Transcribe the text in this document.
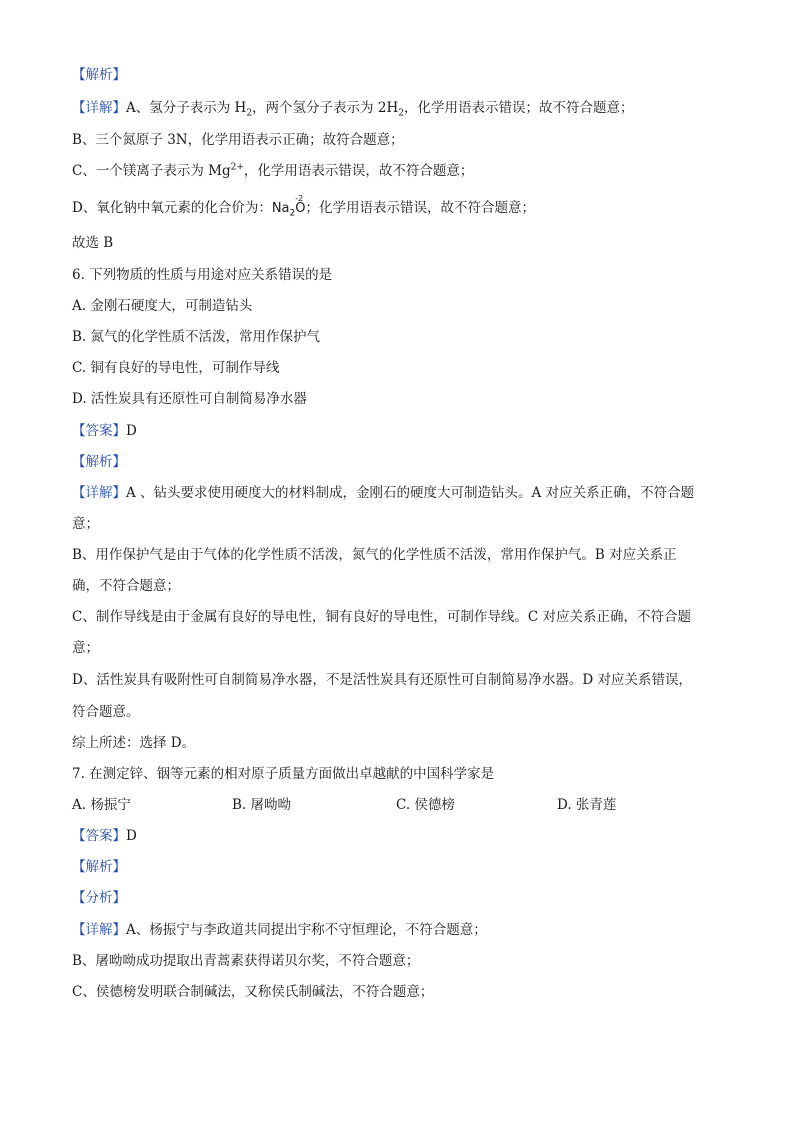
【解析】
【详解】A、氢分子表示为 $H_2$，两个氢分子表示为 $2H_2$，化学用语表示错误；故不符合题意；
B、三个氮原子 3N，化学用语表示正确；故符合题意；
C、一个镁离子表示为 $Mg^{2+}$，化学用语表示错误，故不符合题意；
D、氧化钠中氧元素的化合价为：$Na_2$
-2
O；化学用语表示错误，故不符合题意；
故选 B
6. 下列物质的性质与用途对应关系错误的是
A. 金刚石硬度大，可制造钻头
B. 氮气的化学性质不活泼，常用作保护气
C. 铜有良好的导电性，可制作导线
D. 活性炭具有还原性可自制简易净水器
【答案】D
【解析】
【详解】A 、钻头要求使用硬度大的材料制成，金刚石的硬度大可制造钻头。A 对应关系正确，不符合题
意；
B、用作保护气是由于气体的化学性质不活泼，氮气的化学性质不活泼，常用作保护气。B 对应关系正
确，不符合题意；
C、制作导线是由于金属有良好的导电性，铜有良好的导电性，可制作导线。C 对应关系正确，不符合题
意；
D、活性炭具有吸附性可自制简易净水器，不是活性炭具有还原性可自制简易净水器。D 对应关系错误，
符合题意。
综上所述：选择 D。
7. 在测定锌、铟等元素的相对原子质量方面做出卓越献的中国科学家是
A. 杨振宁	B. 屠呦呦	C. 侯德榜	D. 张青莲
【答案】D
【解析】
【分析】
【详解】A、杨振宁与李政道共同提出宇称不守恒理论，不符合题意；
B、屠呦呦成功提取出青蒿素获得诺贝尔奖，不符合题意；
C、侯德榜发明联合制碱法，又称侯氏制碱法，不符合题意；
